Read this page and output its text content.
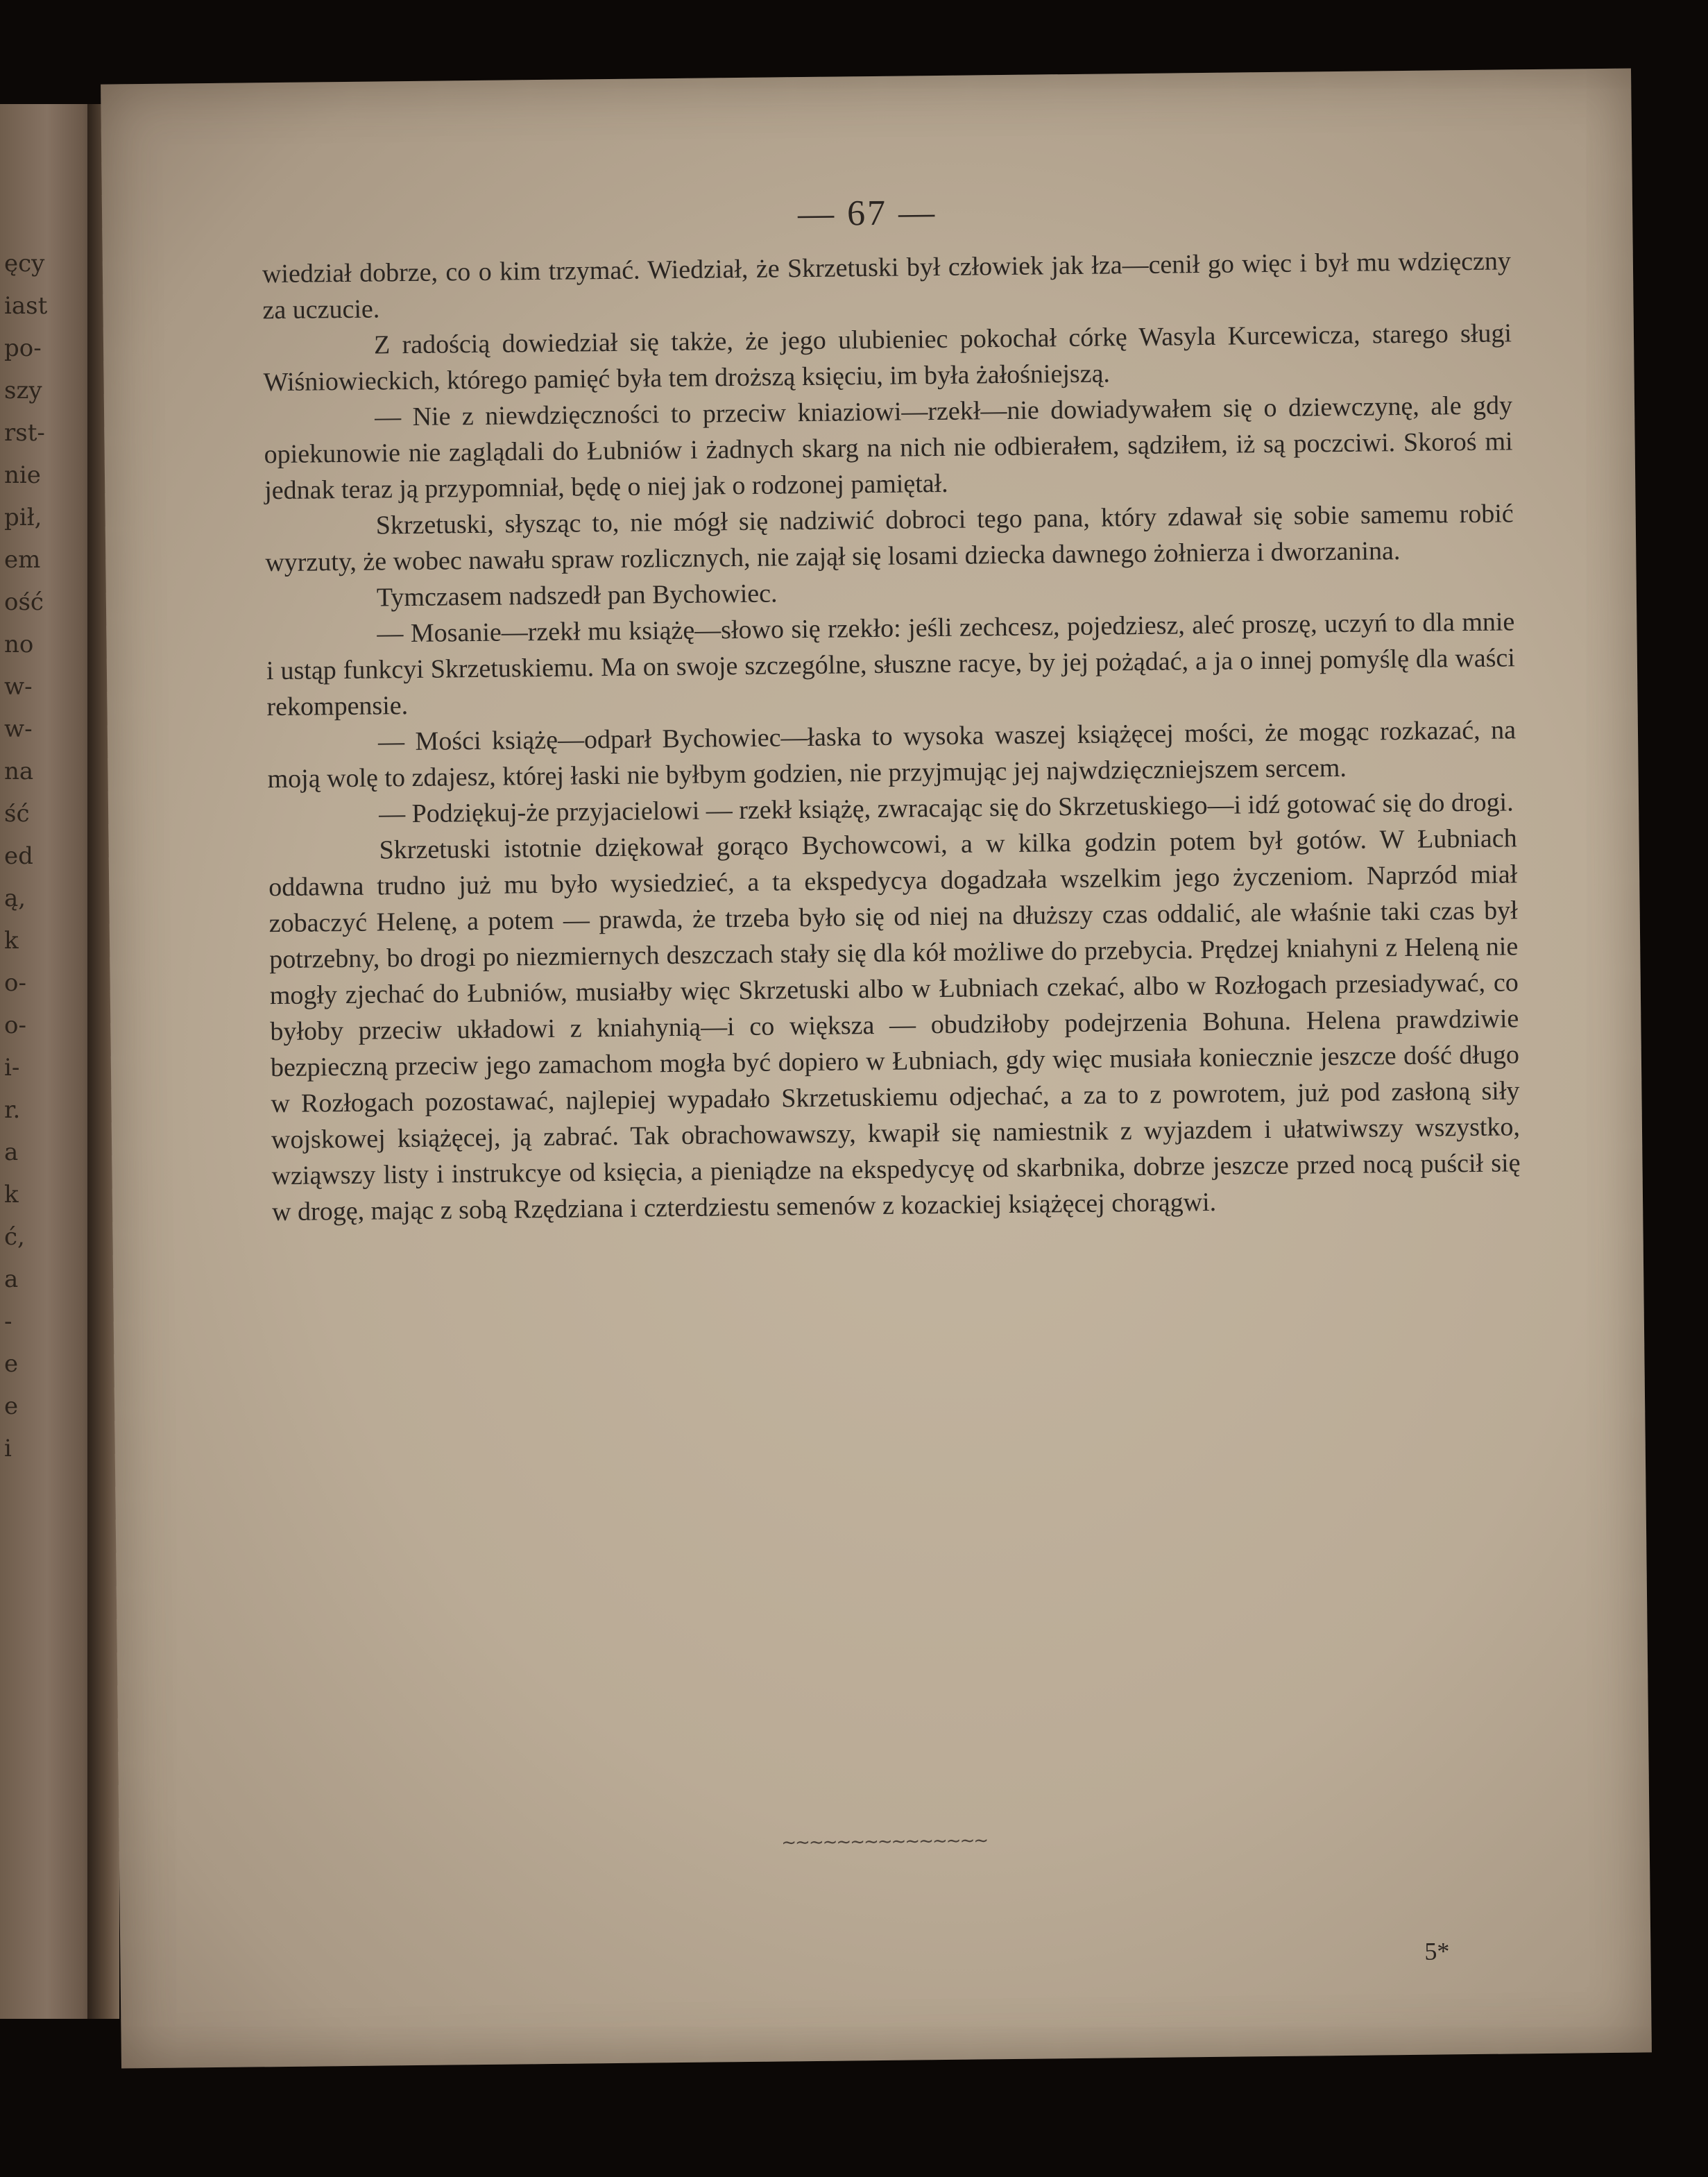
ęcy
iast
po-
szy
rst-
nie
pił,
em
ość
no
w-
w-
na
ść
ed
ą,
k
o-
o-
i-
r.
a
k
ć,
a
-
e
e
i
— 67 —

wiedział dobrze, co o kim trzymać. Wiedział, że Skrzetuski był człowiek jak łza—cenił go więc i był mu wdzięczny za uczucie.

Z radością dowiedział się także, że jego ulubieniec pokochał córkę Wasyla Kurcewicza, starego sługi Wiśniowieckich, którego pamięć była tem droższą księciu, im była żałośniejszą.

— Nie z niewdzięczności to przeciw kniaziowi—rzekł—nie dowiadywałem się o dziewczynę, ale gdy opiekunowie nie zaglądali do Łubniów i żadnych skarg na nich nie odbierałem, sądziłem, iż są poczciwi. Skoroś mi jednak teraz ją przypomniał, będę o niej jak o rodzonej pamiętał.

Skrzetuski, słysząc to, nie mógł się nadziwić dobroci tego pana, który zdawał się sobie samemu robić wyrzuty, że wobec nawału spraw rozlicznych, nie zajął się losami dziecka dawnego żołnierza i dworzanina.

Tymczasem nadszedł pan Bychowiec.

— Mosanie—rzekł mu książę—słowo się rzekło: jeśli zechcesz, pojedziesz, aleć proszę, uczyń to dla mnie i ustąp funkcyi Skrzetuskiemu. Ma on swoje szczególne, słuszne racye, by jej pożądać, a ja o innej pomyślę dla waści rekompensie.

— Mości książę—odparł Bychowiec—łaska to wysoka waszej książęcej mości, że mogąc rozkazać, na moją wolę to zdajesz, której łaski nie byłbym godzien, nie przyjmując jej najwdzięczniejszem sercem.

— Podziękuj-że przyjacielowi — rzekł książę, zwracając się do Skrzetuskiego—i idź gotować się do drogi.

Skrzetuski istotnie dziękował gorąco Bychowcowi, a w kilka godzin potem był gotów. W Łubniach oddawna trudno już mu było wysiedzieć, a ta ekspedycya dogadzała wszelkim jego życzeniom. Naprzód miał zobaczyć Helenę, a potem — prawda, że trzeba było się od niej na dłuższy czas oddalić, ale właśnie taki czas był potrzebny, bo drogi po niezmiernych deszczach stały się dla kół możliwe do przebycia. Prędzej kniahyni z Heleną nie mogły zjechać do Łubniów, musiałby więc Skrzetuski albo w Łubniach czekać, albo w Rozłogach przesiadywać, co byłoby przeciw układowi z kniahynią—i co większa — obudziłoby podejrzenia Bohuna. Helena prawdziwie bezpieczną przeciw jego zamachom mogła być dopiero w Łubniach, gdy więc musiała koniecznie jeszcze dość długo w Rozłogach pozostawać, najlepiej wypadało Skrzetuskiemu odjechać, a za to z powrotem, już pod zasłoną siły wojskowej książęcej, ją zabrać. Tak obrachowawszy, kwapił się namiestnik z wyjazdem i ułatwiwszy wszystko, wziąwszy listy i instrukcye od księcia, a pieniądze na ekspedycyę od skarbnika, dobrze jeszcze przed nocą puścił się w drogę, mając z sobą Rzędziana i czterdziestu semenów z kozackiej książęcej chorągwi.

~~~~~~~~~~~~~~~
5*
